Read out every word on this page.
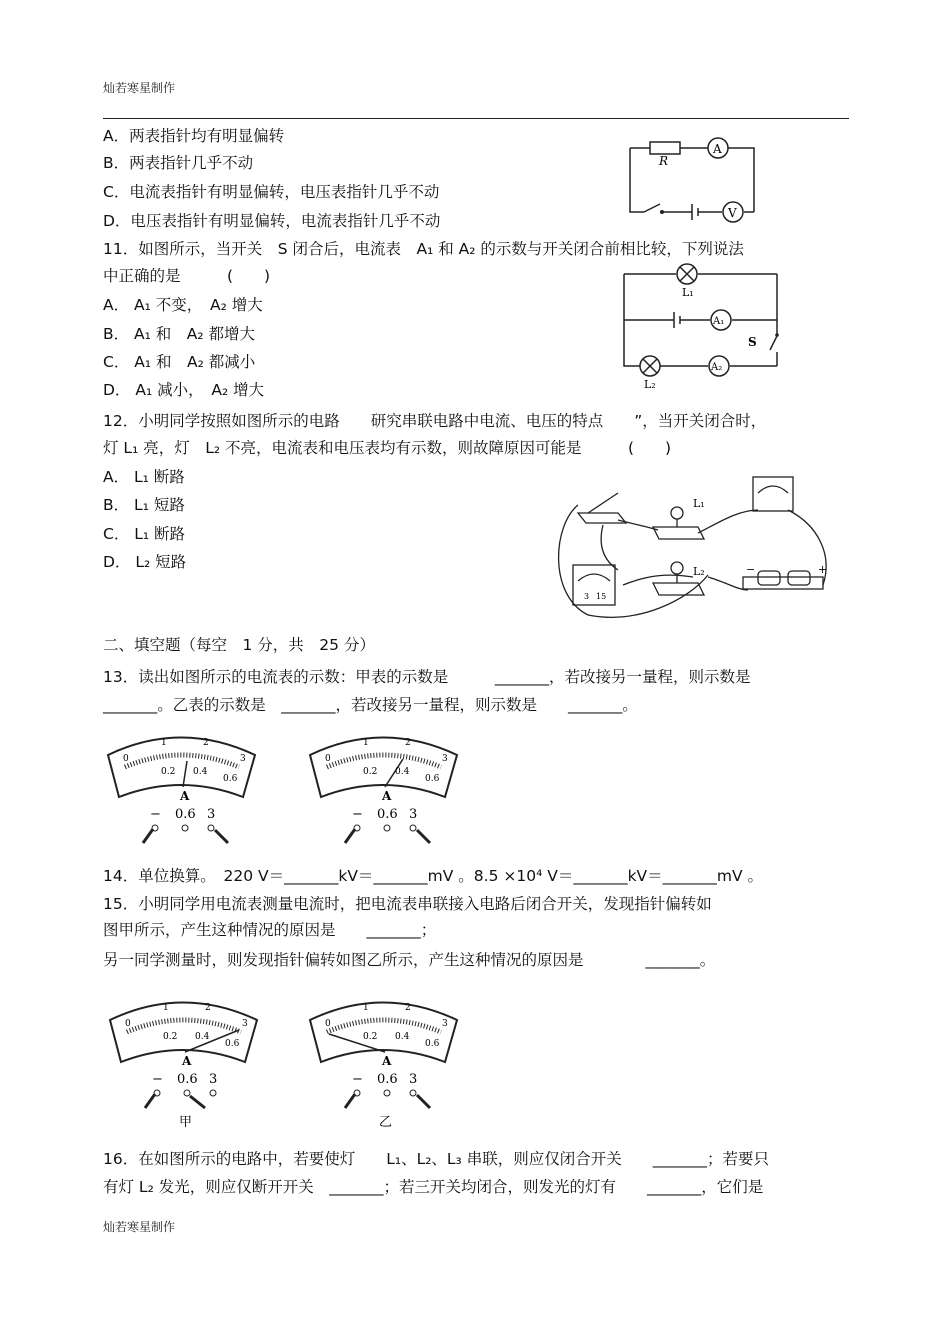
灿若寒星制作
A．两表指针均有明显偏转
B．两表指针几乎不动
C．电流表指针有明显偏转，电压表指针几乎不动
D．电压表指针有明显偏转，电流表指针几乎不动
11．如图所示，当开关　S 闭合后，电流表　A₁ 和 A₂ 的示数与开关闭合前相比较，下列说法
中正确的是　　　(　　)
A． A₁ 不变，　A₂ 增大
B． A₁ 和　A₂ 都增大
C． A₁ 和　A₂ 都减小
D． A₁ 减小，　A₂ 增大
12．小明同学按照如图所示的电路　　研究串联电路中电流、电压的特点　　”，当开关闭合时，
灯 L₁ 亮，灯　L₂ 不亮，电流表和电压表均有示数，则故障原因可能是　　　(　　)
A． L₁ 断路
B． L₁ 短路
C． L₁ 断路
D． L₂ 短路
二、填空题（每空　1 分，共　25 分）
13．读出如图所示的电流表的示数：甲表的示数是　　　_______，若改接另一量程，则示数是
_______。乙表的示数是　_______，若改接另一量程，则示数是　　_______。
14．单位换算。　220 V＝_______kV＝_______mV 。8.5 ×10⁴ V＝_______kV＝_______mV 。
15．小明同学用电流表测量电流时，把电流表串联接入电路后闭合开关，发现指针偏转如
图甲所示，产生这种情况的原因是　　_______；
另一同学测量时，则发现指针偏转如图乙所示，产生这种情况的原因是　　　　_______。
16．在如图所示的电路中，若要使灯　　L₁、L₂、L₃ 串联，则应仅闭合开关　　_______；若要只
有灯 L₂ 发光，则应仅断开开关　_______；若三开关均闭合，则发光的灯有　　_______，它们是
灿若寒星制作
R
A
V
L₁
L₂
A₁
A₂
S
L₁
L₂	−	+
3 15
0
1	2
3
0.2 0.4
0.6
A
− 0.6 3
0
1	2
3
0.2 0.4
0.6
A
− 0.6 3
0
1	2
3
0.2 0.4
0.6
A
− 0.6 3
甲
0
1	2
3
0.2 0.4
0.6
A
− 0.6 3
乙
